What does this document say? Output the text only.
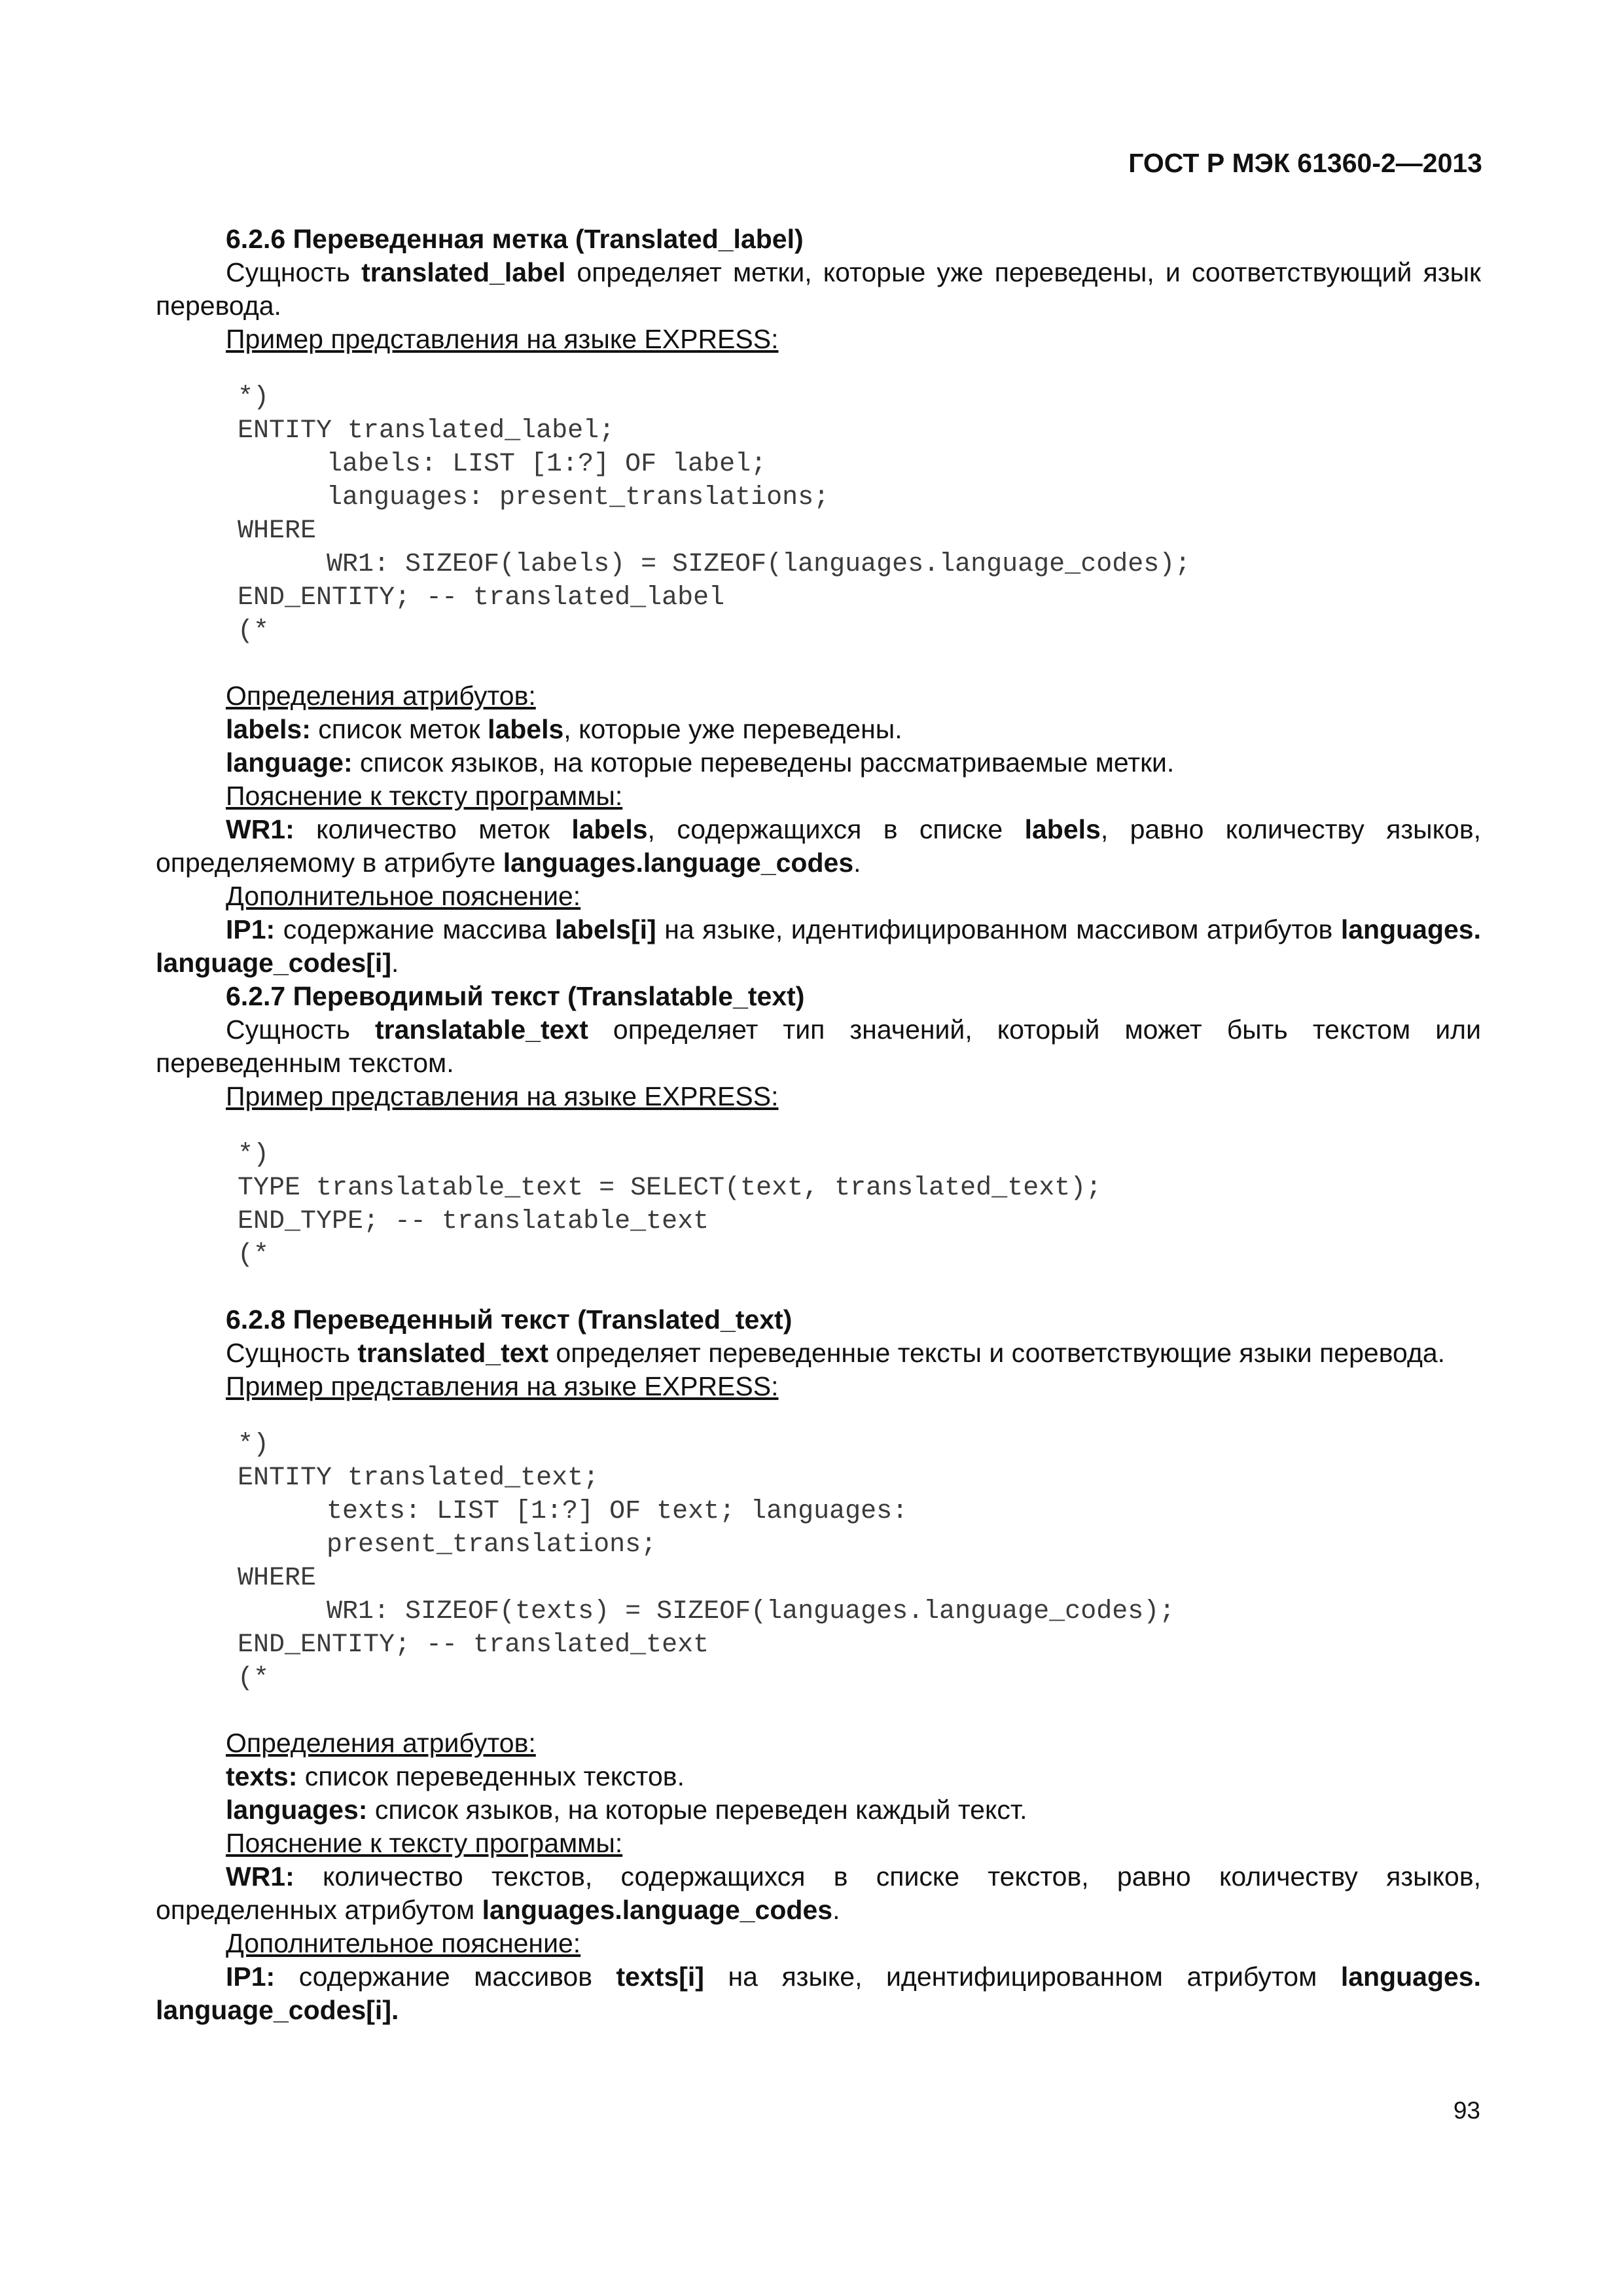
ГОСТ Р МЭК 61360-2—2013

6.2.6 Переведенная метка (Translated_label)

Сущность translated_label определяет метки, которые уже переведены, и соответствующий язык перевода.

Пример представления на языке EXPRESS:

*)
ENTITY translated_label;
labels: LIST [1:?] OF label;
languages: present_translations;
WHERE
WR1: SIZEOF(labels) = SIZEOF(languages.language_codes);
END_ENTITY; -- translated_label
(*

Определения атрибутов:

labels: список меток labels, которые уже переведены.

language: список языков, на которые переведены рассматриваемые метки.

Пояснение к тексту программы:

WR1: количество меток labels, содержащихся в списке labels, равно количеству языков, определяемому в атрибуте languages.language_codes.

Дополнительное пояснение:

IP1: содержание массива labels[i] на языке, идентифицированном массивом атрибутов languages. language_codes[i].

6.2.7 Переводимый текст (Translatable_text)

Сущность translatable_text определяет тип значений, который может быть текстом или переведенным текстом.

Пример представления на языке EXPRESS:

*)
TYPE translatable_text = SELECT(text, translated_text);
END_TYPE; -- translatable_text
(*

6.2.8 Переведенный текст (Translated_text)

Сущность translated_text определяет переведенные тексты и соответствующие языки перевода.

Пример представления на языке EXPRESS:

*)
ENTITY translated_text;
texts: LIST [1:?] OF text; languages:
present_translations;
WHERE
WR1: SIZEOF(texts) = SIZEOF(languages.language_codes);
END_ENTITY; -- translated_text
(*

Определения атрибутов:

texts: список переведенных текстов.

languages: список языков, на которые переведен каждый текст.

Пояснение к тексту программы:

WR1: количество текстов, содержащихся в списке текстов, равно количеству языков, определенных атрибутом languages.language_codes.

Дополнительное пояснение:

IP1: содержание массивов texts[i] на языке, идентифицированном атрибутом languages. language_codes[i].

93
